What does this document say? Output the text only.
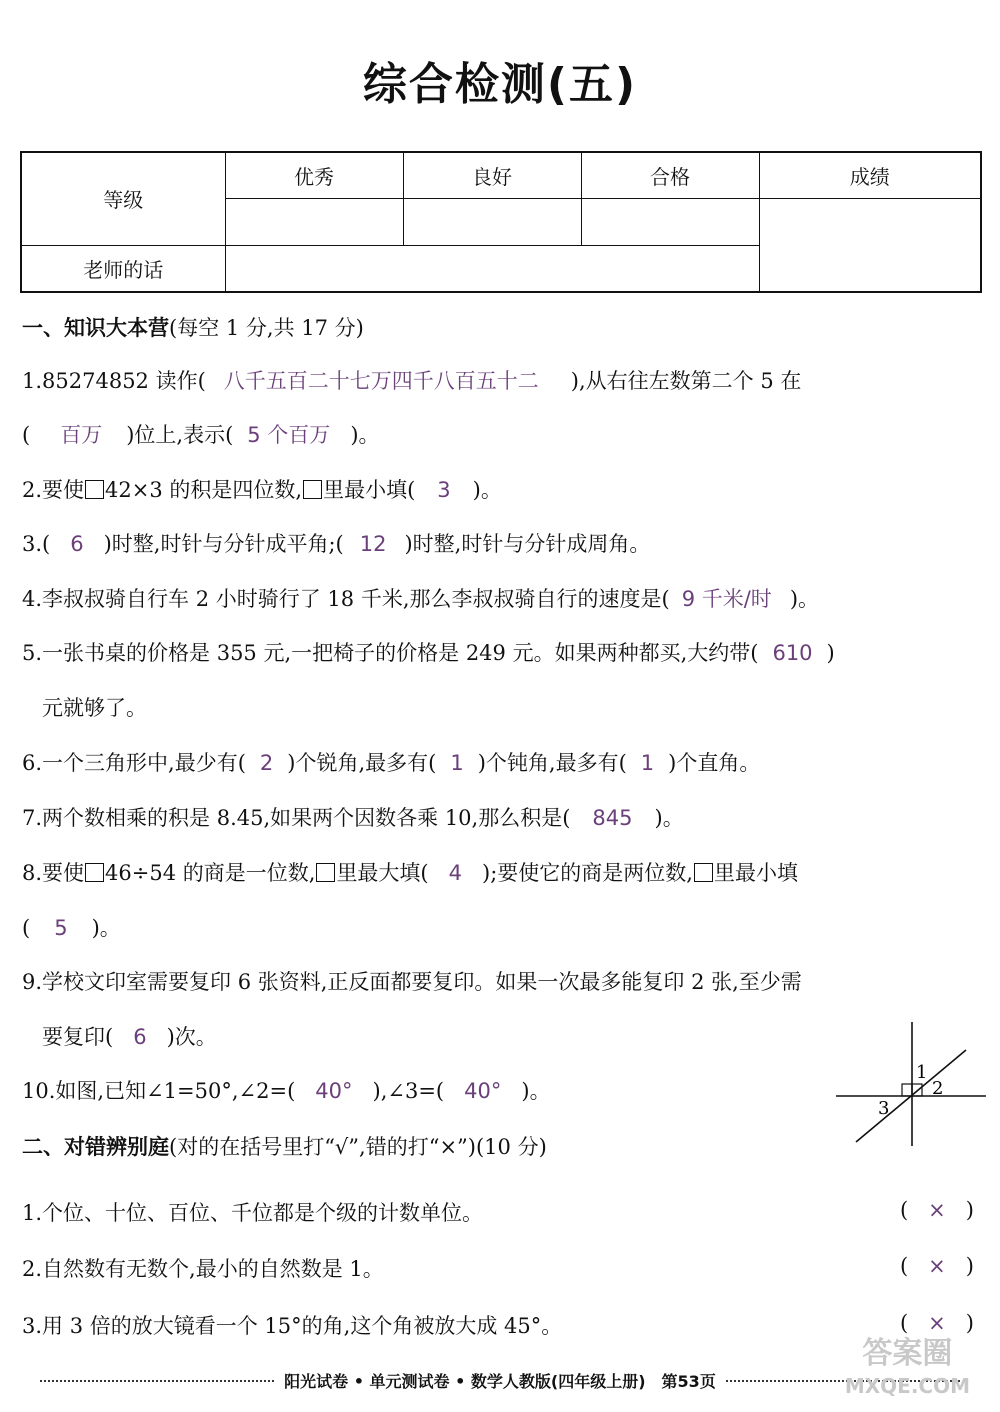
综合检测(五)
等级	优秀	良好	合格	成绩

老师的话				
一、知识大本营(每空 1 分,共 17 分)
1.85274852 读作( 八千五百二十七万四千八百五十二 ),从右往左数第二个 5 在
( 百万 )位上,表示( 5 个百万 )。
2.要使 42×3 的积是四位数, 里最小填( 3 )。
3.( 6 )时整,时针与分针成平角;( 12 )时整,时针与分针成周角。
4.李叔叔骑自行车 2 小时骑行了 18 千米,那么李叔叔骑自行的速度是( 9 千米/时 )。
5.一张书桌的价格是 355 元,一把椅子的价格是 249 元。如果两种都买,大约带( 610 )
元就够了。
6.一个三角形中,最少有( 2 )个锐角,最多有( 1 )个钝角,最多有( 1 )个直角。
7.两个数相乘的积是 8.45,如果两个因数各乘 10,那么积是( 845 )。
8.要使 46÷54 的商是一位数, 里最大填( 4 );要使它的商是两位数, 里最小填
( 5 )。
9.学校文印室需要复印 6 张资料,正反面都要复印。如果一次最多能复印 2 张,至少需
要复印( 6 )次。
10.如图,已知∠1=50°,∠2=( 40° ),∠3=( 40° )。
1
2
3
二、对错辨别庭(对的在括号里打“√”,错的打“×”)(10 分)
1.个位、十位、百位、千位都是个级的计数单位。	(   ×   )
2.自然数有无数个,最小的自然数是 1。	(   ×   )
3.用 3 倍的放大镜看一个 15°的角,这个角被放大成 45°。	(   ×   )
阳光试卷 • 单元测试卷 • 数学人教版(四年级上册) 第53页
答案圈
MXQE.COM
